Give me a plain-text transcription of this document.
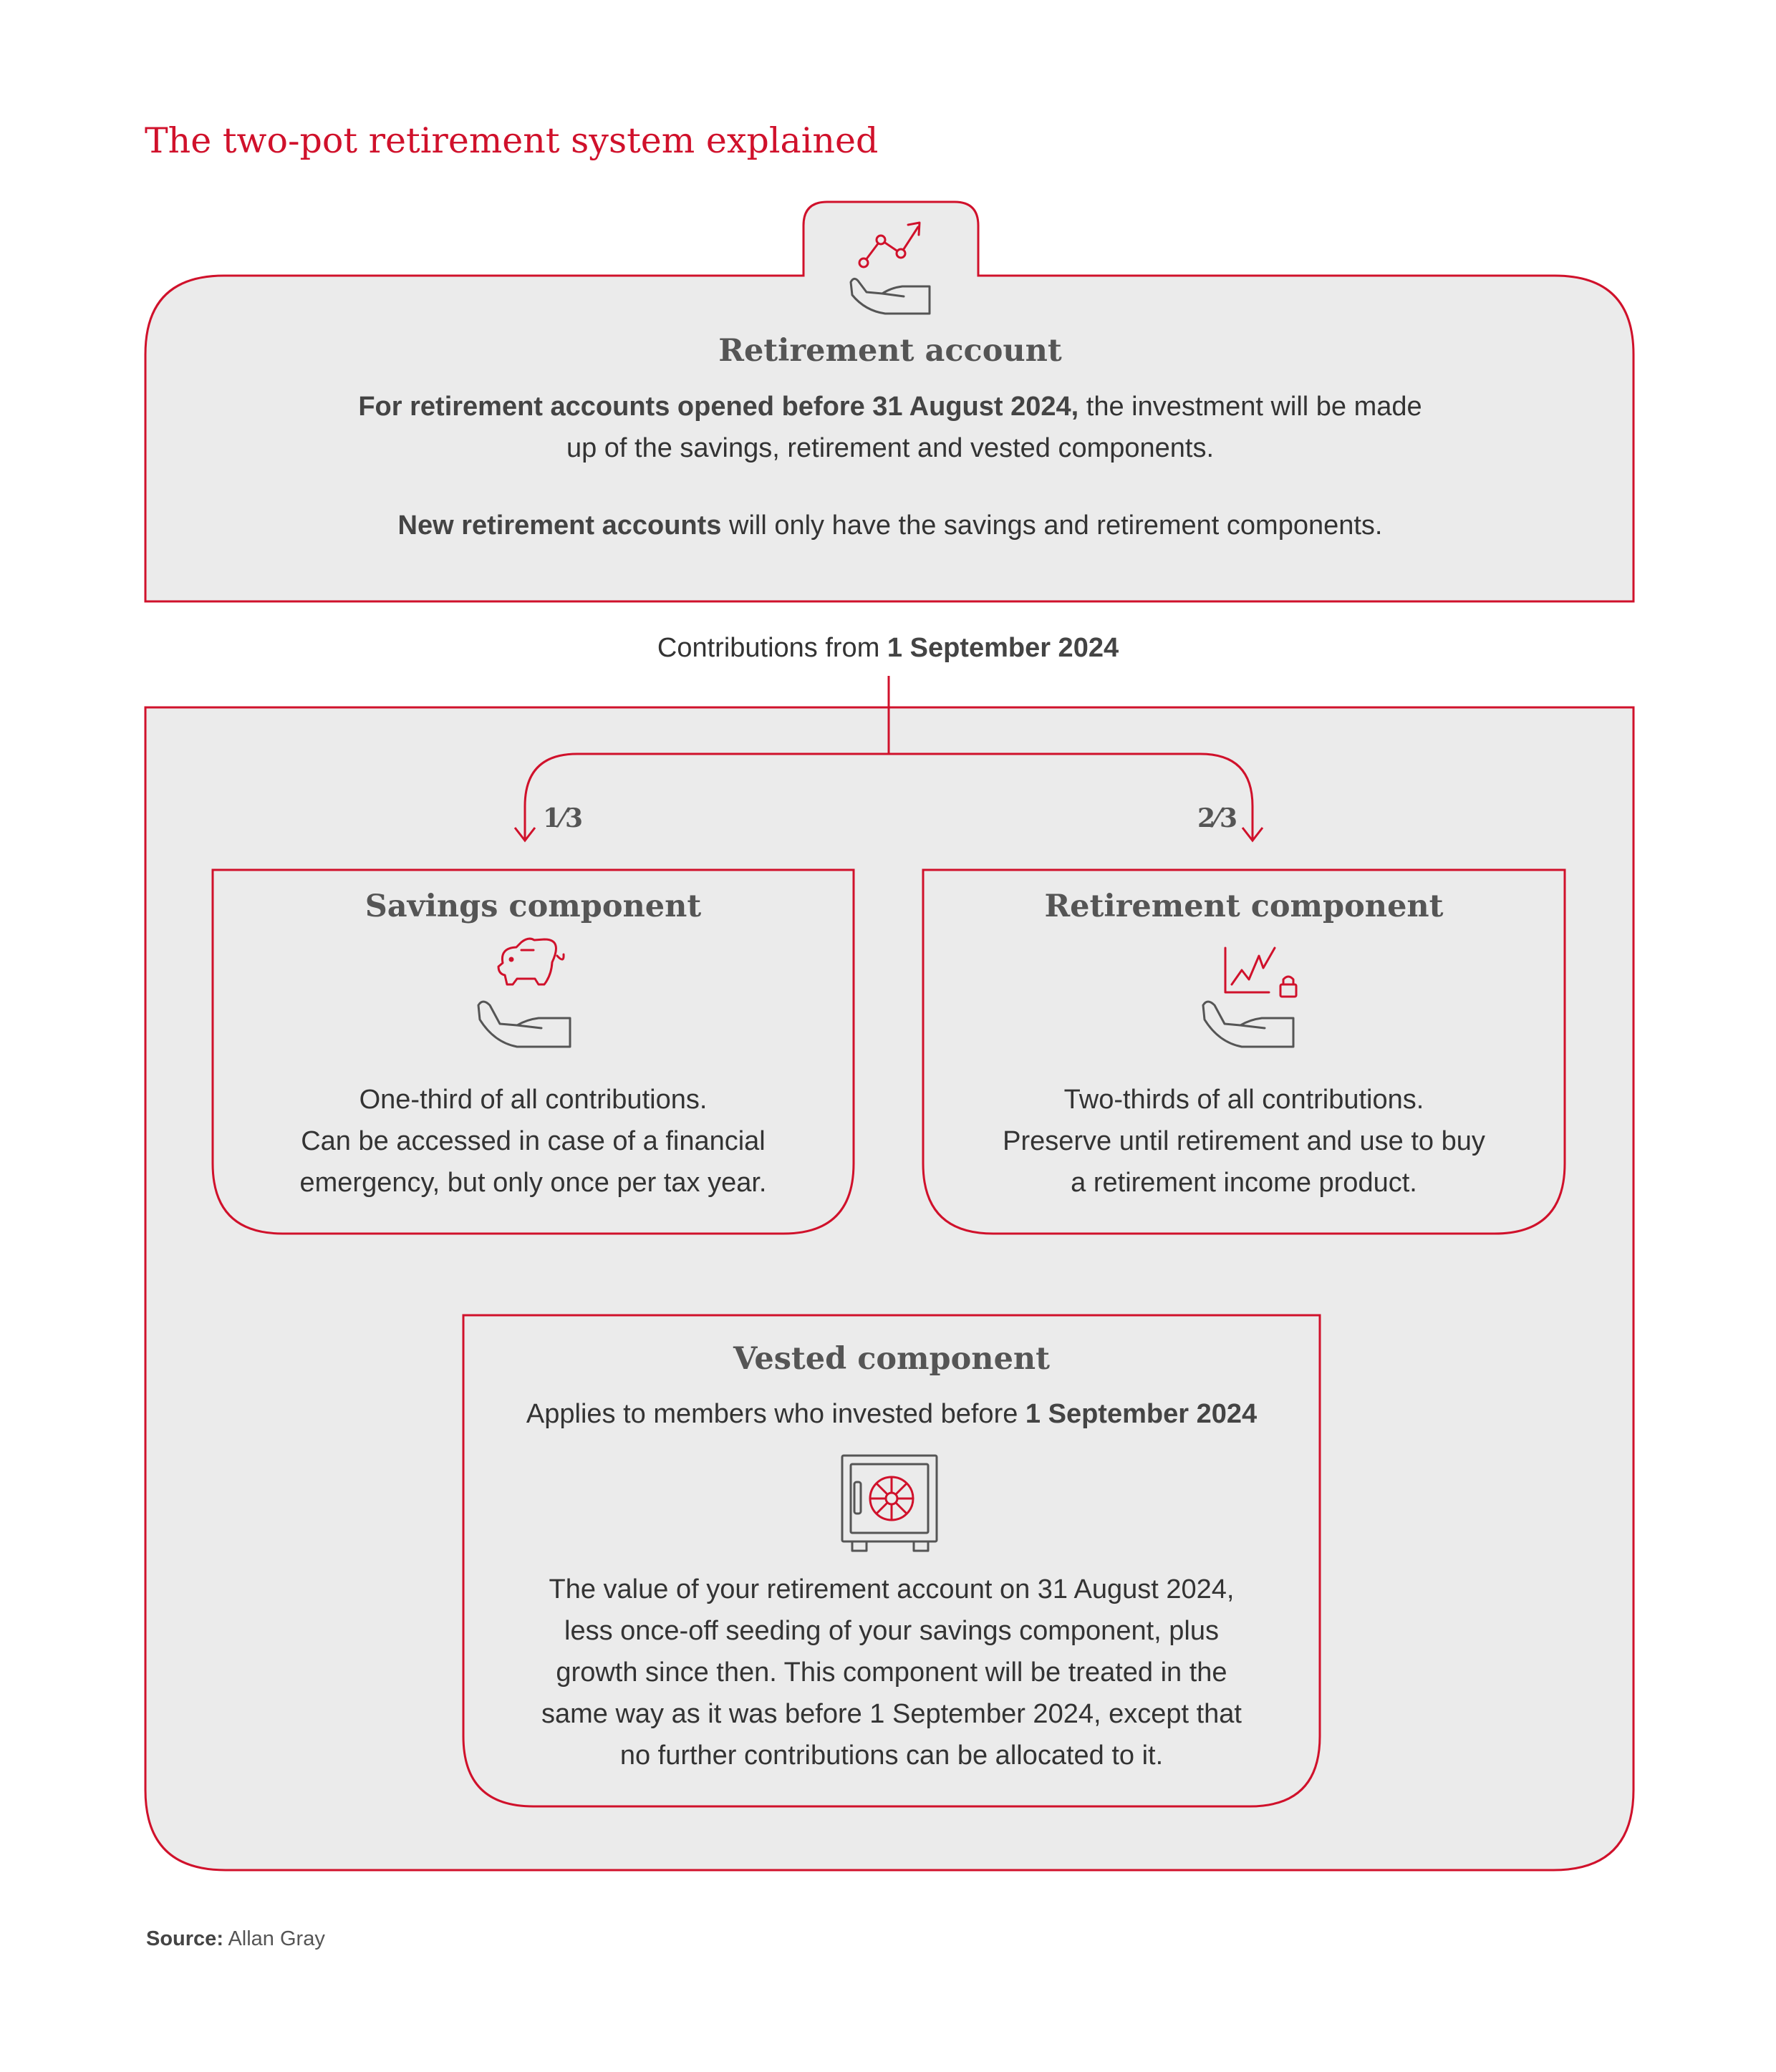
The two-pot retirement system explained
Retirement account
For retirement accounts opened before 31 August 2024, the investment will be made
up of the savings, retirement and vested components.
New retirement accounts will only have the savings and retirement components.
Contributions from 1 September 2024
1⁄3	2⁄3
Savings component
One-third of all contributions.
Can be accessed in case of a financial
emergency, but only once per tax year.
Retirement component
Two-thirds of all contributions.
Preserve until retirement and use to buy
a retirement income product.
Vested component
Applies to members who invested before 1 September 2024
The value of your retirement account on 31 August 2024,
less once-off seeding of your savings component, plus
growth since then. This component will be treated in the
same way as it was before 1 September 2024, except that
no further contributions can be allocated to it.
Source: Allan Gray
